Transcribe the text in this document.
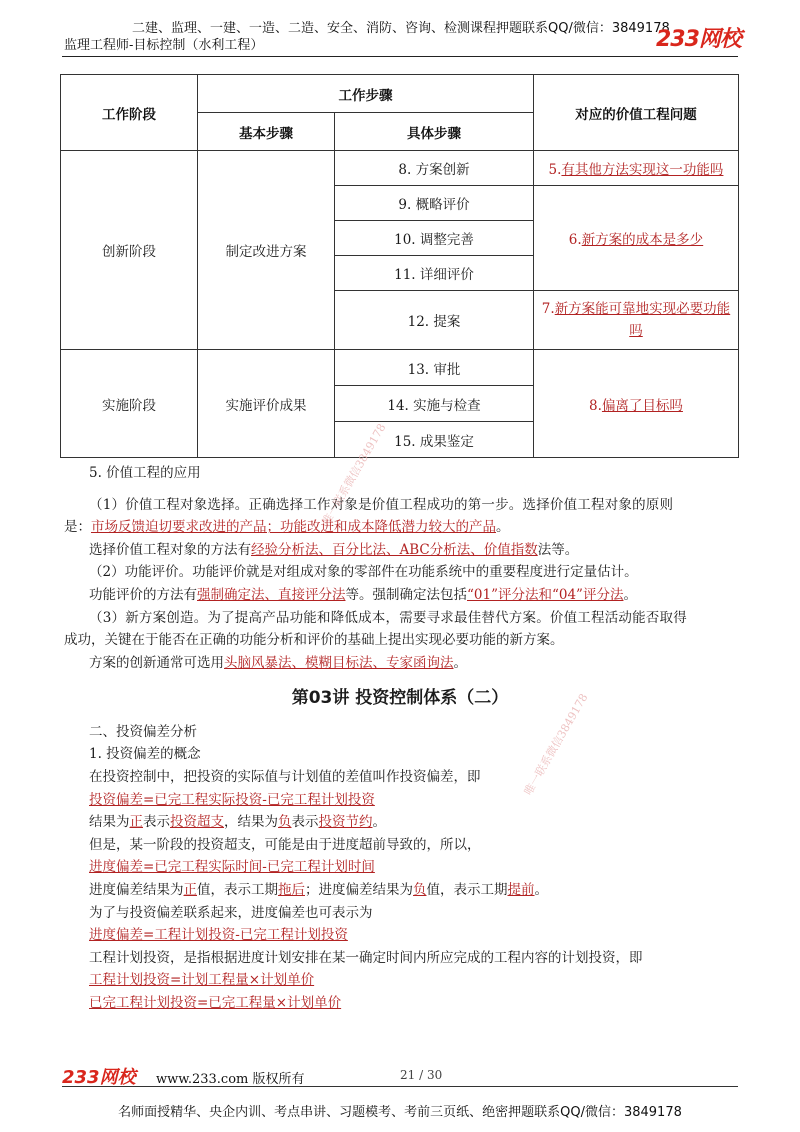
二建、监理、一建、一造、二造、安全、消防、咨询、检测课程押题联系QQ/微信：3849178
监理工程师-目标控制（水利工程）	233网校
工作阶段	工作步骤		对应的价值工程问题
	基本步骤	具体步骤	
创新阶段	制定改进方案	8. 方案创新	5.有其他方法实现这一功能吗
		9. 概略评价	6.新方案的成本是多少
		10. 调整完善	
		11. 详细评价	
		12. 提案	7.新方案能可靠地实现必要功能吗
实施阶段	实施评价成果	13. 审批	8.偏离了目标吗
		14. 实施与检查	
		15. 成果鉴定	
5. 价值工程的应用
（1）价值工程对象选择。正确选择工作对象是价值工程成功的第一步。选择价值工程对象的原则
是：市场反馈迫切要求改进的产品；功能改进和成本降低潜力较大的产品。
选择价值工程对象的方法有经验分析法、百分比法、ABC分析法、价值指数法等。
（2）功能评价。功能评价就是对组成对象的零部件在功能系统中的重要程度进行定量估计。
功能评价的方法有强制确定法、直接评分法等。强制确定法包括“01”评分法和“04”评分法。
（3）新方案创造。为了提高产品功能和降低成本，需要寻求最佳替代方案。价值工程活动能否取得
成功，关键在于能否在正确的功能分析和评价的基础上提出实现必要功能的新方案。
方案的创新通常可选用头脑风暴法、模糊目标法、专家函询法。
第03讲 投资控制体系（二）
二、投资偏差分析
1. 投资偏差的概念
在投资控制中，把投资的实际值与计划值的差值叫作投资偏差，即
投资偏差=已完工程实际投资-已完工程计划投资
结果为正表示投资超支，结果为负表示投资节约。
但是，某一阶段的投资超支，可能是由于进度超前导致的，所以，
进度偏差=已完工程实际时间-已完工程计划时间
进度偏差结果为正值，表示工期拖后；进度偏差结果为负值，表示工期提前。
为了与投资偏差联系起来，进度偏差也可表示为
进度偏差=工程计划投资-已完工程计划投资
工程计划投资，是指根据进度计划安排在某一确定时间内所应完成的工程内容的计划投资，即
工程计划投资=计划工程量×计划单价
已完工程计划投资=已完工程量×计划单价
唯一联系微信3849178
唯一联系微信3849178
233网校 www.233.com 版权所有	21 / 30
名师面授精华、央企内训、考点串讲、习题模考、考前三页纸、绝密押题联系QQ/微信：3849178
